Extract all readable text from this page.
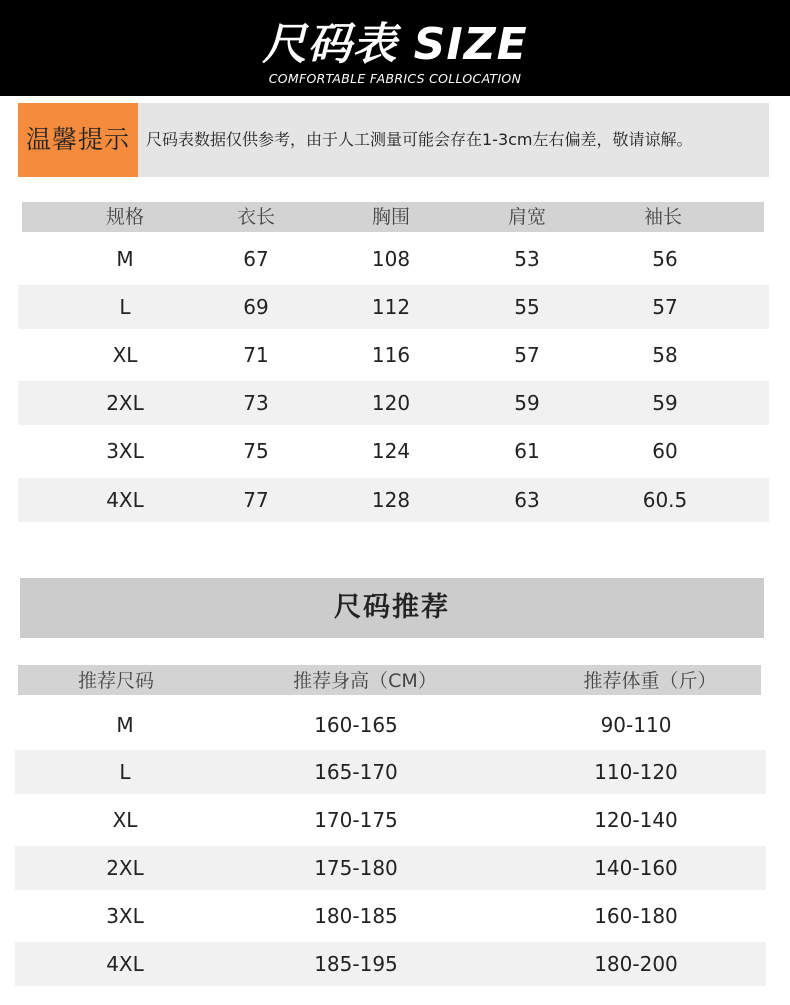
尺码表 SIZE
COMFORTABLE FABRICS COLLOCATION
温馨提示	尺码表数据仅供参考，由于人工测量可能会存在1-3cm左右偏差，敬请谅解。
规格	衣长	胸围	肩宽	袖长
M	67	108	53	56
L	69	112	55	57
XL	71	116	57	58
2XL	73	120	59	59
3XL	75	124	61	60
4XL	77	128	63	60.5
尺码推荐
推荐尺码	推荐身高（CM）	推荐体重（斤）
M	160-165	90-110
L	165-170	110-120
XL	170-175	120-140
2XL	175-180	140-160
3XL	180-185	160-180
4XL	185-195	180-200
